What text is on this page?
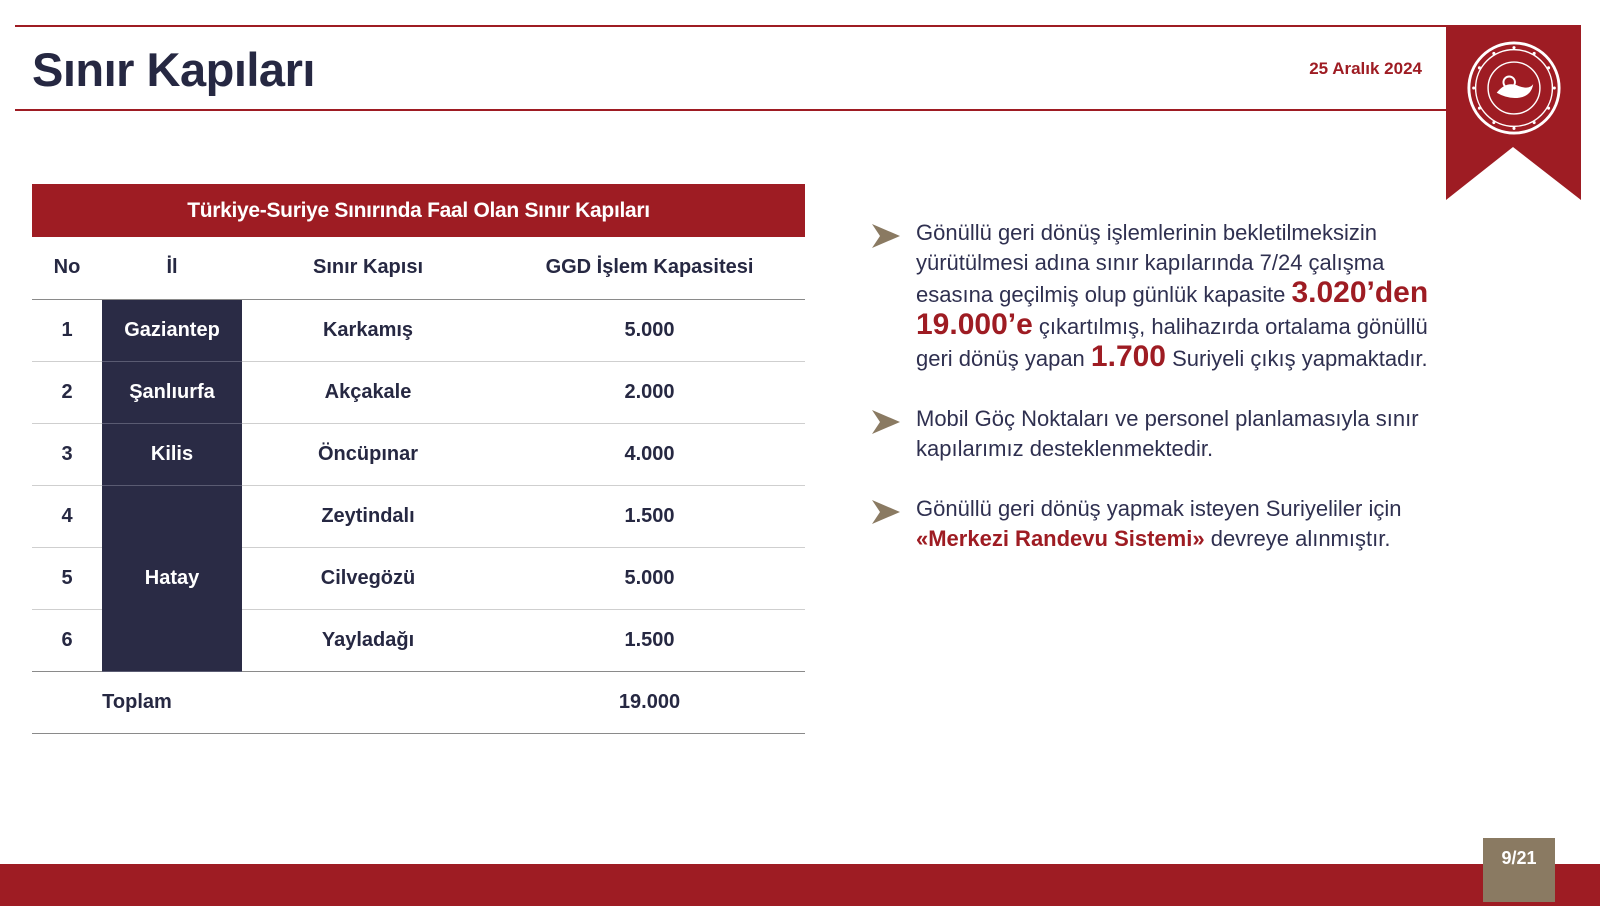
Sınır Kapıları	25 Aralık 2024
Türkiye-Suriye Sınırında Faal Olan Sınır Kapıları
No	İl	Sınır Kapısı	GGD İşlem Kapasitesi
1	Gaziantep	Karkamış	5.000
2	Şanlıurfa	Akçakale	2.000
3	Kilis	Öncüpınar	4.000
4	Hatay	Zeytindalı	1.500
5		Cilvegözü	5.000
6		Yayladağı	1.500
Toplam			19.000
Gönüllü geri dönüş işlemlerinin bekletilmeksizin yürütülmesi adına sınır kapılarında 7/24 çalışma esasına geçilmiş olup günlük kapasite 3.020’den 19.000’e çıkartılmış, halihazırda ortalama gönüllü geri dönüş yapan 1.700 Suriyeli çıkış yapmaktadır.
Mobil Göç Noktaları ve personel planlamasıyla sınır kapılarımız desteklenmektedir.
Gönüllü geri dönüş yapmak isteyen Suriyeliler için «Merkezi Randevu Sistemi» devreye alınmıştır.
9/21
